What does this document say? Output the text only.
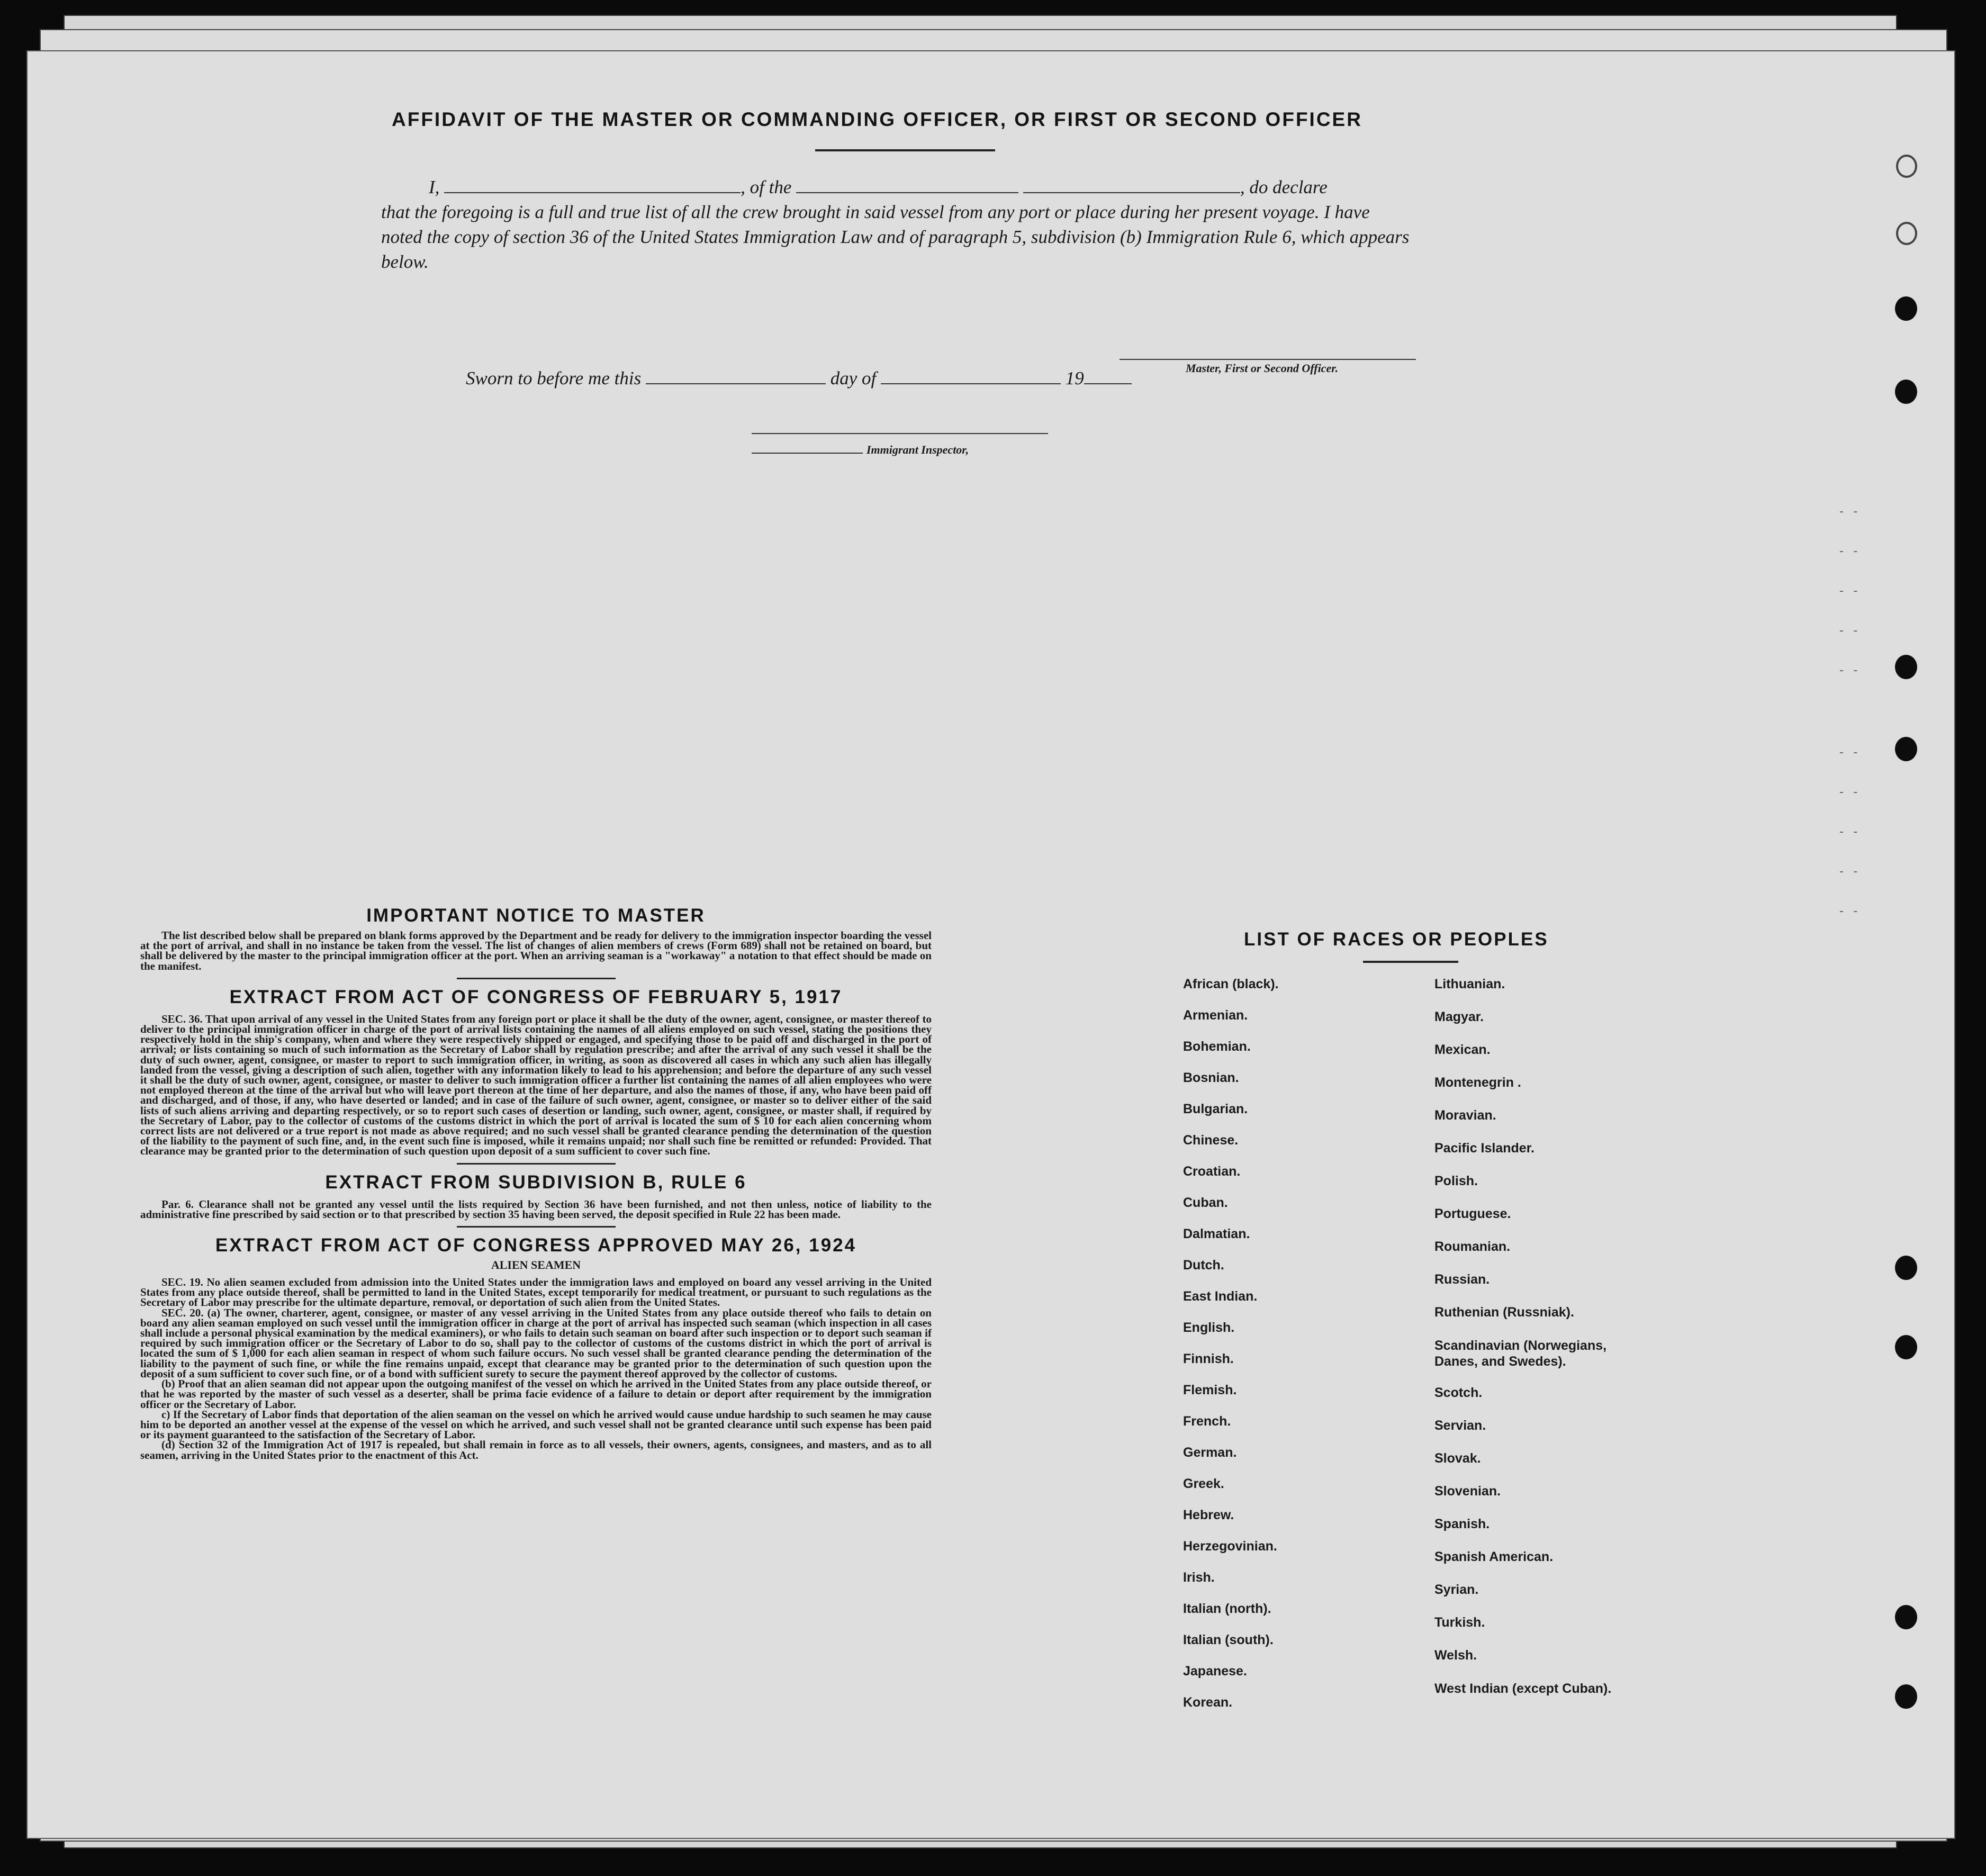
AFFIDAVIT OF THE MASTER OR COMMANDING OFFICER, OR FIRST OR SECOND OFFICER
I,	, of the	, do declare
that the foregoing is a full and true list of all the crew brought in said vessel from any port or place during her present voyage. I have noted the copy of section 36 of the United States Immigration Law and of paragraph 5, subdivision (b) Immigration Rule 6, which appears below.
Master, First or Second Officer.
Sworn to before me this	day of	19
Immigrant Inspector,
IMPORTANT NOTICE TO MASTER

The list described below shall be prepared on blank forms approved by the Department and be ready for delivery to the immigration inspector boarding the vessel at the port of arrival, and shall in no instance be taken from the vessel. The list of changes of alien members of crews (Form 689) shall not be retained on board, but shall be delivered by the master to the principal immigration officer at the port. When an arriving seaman is a "workaway" a notation to that effect should be made on the manifest.

EXTRACT FROM ACT OF CONGRESS OF FEBRUARY 5, 1917

SEC. 36. That upon arrival of any vessel in the United States from any foreign port or place it shall be the duty of the owner, agent, consignee, or master thereof to deliver to the principal immigration officer in charge of the port of arrival lists containing the names of all aliens employed on such vessel, stating the positions they respectively hold in the ship's company, when and where they were respectively shipped or engaged, and specifying those to be paid off and discharged in the port of arrival; or lists containing so much of such information as the Secretary of Labor shall by regulation prescribe; and after the arrival of any such vessel it shall be the duty of such owner, agent, consignee, or master to report to such immigration officer, in writing, as soon as discovered all cases in which any such alien has illegally landed from the vessel, giving a description of such alien, together with any information likely to lead to his apprehension; and before the departure of any such vessel it shall be the duty of such owner, agent, consignee, or master to deliver to such immigration officer a further list containing the names of all alien employees who were not employed thereon at the time of the arrival but who will leave port thereon at the time of her departure, and also the names of those, if any, who have been paid off and discharged, and of those, if any, who have deserted or landed; and in case of the failure of such owner, agent, consignee, or master so to deliver either of the said lists of such aliens arriving and departing respectively, or so to report such cases of desertion or landing, such owner, agent, consignee, or master shall, if required by the Secretary of Labor, pay to the collector of customs of the customs district in which the port of arrival is located the sum of $ 10 for each alien concerning whom correct lists are not delivered or a true report is not made as above required; and no such vessel shall be granted clearance pending the determination of the question of the liability to the payment of such fine, and, in the event such fine is imposed, while it remains unpaid; nor shall such fine be remitted or refunded: Provided. That clearance may be granted prior to the determination of such question upon deposit of a sum sufficient to cover such fine.

EXTRACT FROM SUBDIVISION B, RULE 6

Par. 6. Clearance shall not be granted any vessel until the lists required by Section 36 have been furnished, and not then unless, notice of liability to the administrative fine prescribed by said section or to that prescribed by section 35 having been served, the deposit specified in Rule 22 has been made.

EXTRACT FROM ACT OF CONGRESS APPROVED MAY 26, 1924
ALIEN SEAMEN

SEC. 19. No alien seamen excluded from admission into the United States under the immigration laws and employed on board any vessel arriving in the United States from any place outside thereof, shall be permitted to land in the United States, except temporarily for medical treatment, or pursuant to such regulations as the Secretary of Labor may prescribe for the ultimate departure, removal, or deportation of such alien from the United States.

SEC. 20. (a) The owner, charterer, agent, consignee, or master of any vessel arriving in the United States from any place outside thereof who fails to detain on board any alien seaman employed on such vessel until the immigration officer in charge at the port of arrival has inspected such seaman (which inspection in all cases shall include a personal physical examination by the medical examiners), or who fails to detain such seaman on board after such inspection or to deport such seaman if required by such immigration officer or the Secretary of Labor to do so, shall pay to the collector of customs of the customs district in which the port of arrival is located the sum of $ 1,000 for each alien seaman in respect of whom such failure occurs. No such vessel shall be granted clearance pending the determination of the liability to the payment of such fine, or while the fine remains unpaid, except that clearance may be granted prior to the determination of such question upon the deposit of a sum sufficient to cover such fine, or of a bond with sufficient surety to secure the payment thereof approved by the collector of customs.

(b) Proof that an alien seaman did not appear upon the outgoing manifest of the vessel on which he arrived in the United States from any place outside thereof, or that he was reported by the master of such vessel as a deserter, shall be prima facie evidence of a failure to detain or deport after requirement by the immigration officer or the Secretary of Labor.

c) If the Secretary of Labor finds that deportation of the alien seaman on the vessel on which he arrived would cause undue hardship to such seamen he may cause him to be deported an another vessel at the expense of the vessel on which he arrived, and such vessel shall not be granted clearance until such expense has been paid or its payment guaranteed to the satisfaction of the Secretary of Labor.

(d) Section 32 of the Immigration Act of 1917 is repealed, but shall remain in force as to all vessels, their owners, agents, consignees, and masters, and as to all seamen, arriving in the United States prior to the enactment of this Act.

LIST OF RACES OR PEOPLES
African (black).
Armenian.
Bohemian.
Bosnian.
Bulgarian.
Chinese.
Croatian.
Cuban.
Dalmatian.
Dutch.
East Indian.
English.
Finnish.
Flemish.
French.
German.
Greek.
Hebrew.
Herzegovinian.
Irish.
Italian (north).
Italian (south).
Japanese.
Korean.
Lithuanian.
Magyar.
Mexican.
Montenegrin .
Moravian.
Pacific Islander.
Polish.
Portuguese.
Roumanian.
Russian.
Ruthenian (Russniak).
Scandinavian (Norwegians, Danes, and Swedes).
Scotch.
Servian.
Slovak.
Slovenian.
Spanish.
Spanish American.
Syrian.
Turkish.
Welsh.
West Indian (except Cuban).
- -
- -
- -
- -
- -
- -
- -
- -
- -
- -
